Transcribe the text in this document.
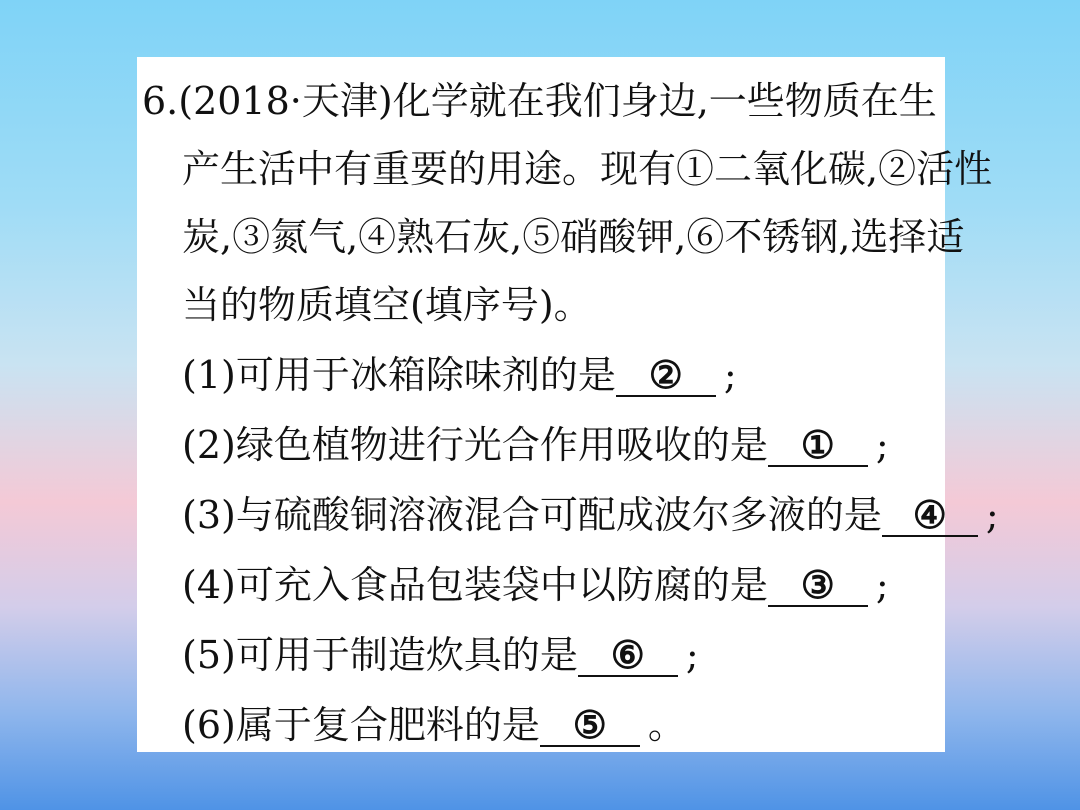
6.(2018·天津)化学就在我们身边,一些物质在生
产生活中有重要的用途。现有①二氧化碳,②活性
炭,③氮气,④熟石灰,⑤硝酸钾,⑥不锈钢,选择适
当的物质填空(填序号)。
(1)可用于冰箱除味剂的是 ② ;
(2)绿色植物进行光合作用吸收的是 ① ;
(3)与硫酸铜溶液混合可配成波尔多液的是 ④ ;
(4)可充入食品包装袋中以防腐的是 ③ ;
(5)可用于制造炊具的是 ⑥ ;
(6)属于复合肥料的是 ⑤ 。
